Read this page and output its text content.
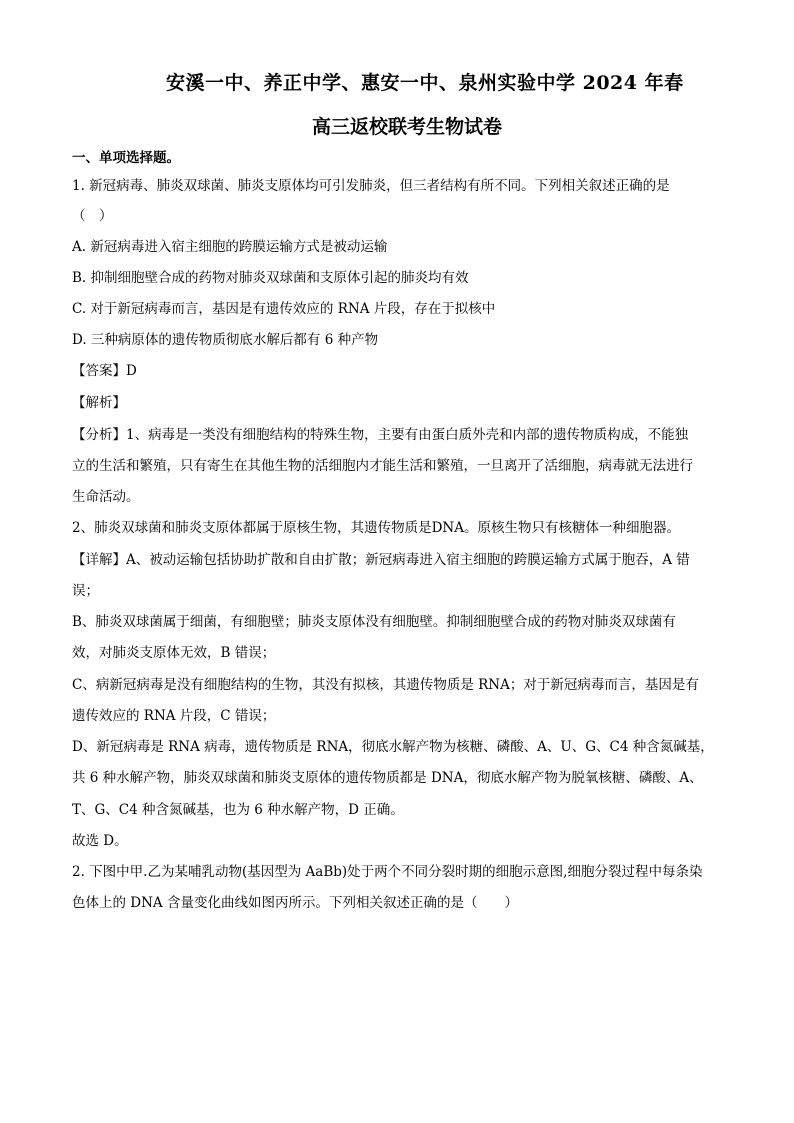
安溪一中、养正中学、惠安一中、泉州实验中学 2024 年春
高三返校联考生物试卷
一、单项选择题。
1. 新冠病毒、肺炎双球菌、肺炎支原体均可引发肺炎，但三者结构有所不同。下列相关叙述正确的是
（　）
A. 新冠病毒进入宿主细胞的跨膜运输方式是被动运输
B. 抑制细胞壁合成的药物对肺炎双球菌和支原体引起的肺炎均有效
C. 对于新冠病毒而言，基因是有遗传效应的 RNA 片段，存在于拟核中
D. 三种病原体的遗传物质彻底水解后都有 6 种产物
【答案】D
【解析】
【分析】1、病毒是一类没有细胞结构的特殊生物，主要有由蛋白质外壳和内部的遗传物质构成，不能独
立的生活和繁殖，只有寄生在其他生物的活细胞内才能生活和繁殖，一旦离开了活细胞，病毒就无法进行
生命活动。
2、肺炎双球菌和肺炎支原体都属于原核生物，其遗传物质是DNA。原核生物只有核糖体一种细胞器。
【详解】A、被动运输包括协助扩散和自由扩散；新冠病毒进入宿主细胞的跨膜运输方式属于胞吞，A 错
误；
B、肺炎双球菌属于细菌，有细胞壁；肺炎支原体没有细胞壁。抑制细胞壁合成的药物对肺炎双球菌有
效，对肺炎支原体无效，B 错误；
C、病新冠病毒是没有细胞结构的生物，其没有拟核，其遗传物质是 RNA；对于新冠病毒而言，基因是有
遗传效应的 RNA 片段，C 错误；
D、新冠病毒是 RNA 病毒，遗传物质是 RNA，彻底水解产物为核糖、磷酸、A、U、G、C4 种含氮碱基，
共 6 种水解产物，肺炎双球菌和肺炎支原体的遗传物质都是 DNA，彻底水解产物为脱氧核糖、磷酸、A、
T、G、C4 种含氮碱基，也为 6 种水解产物，D 正确。
故选 D。
2. 下图中甲.乙为某哺乳动物(基因型为 AaBb)处于两个不同分裂时期的细胞示意图,细胞分裂过程中每条染
色体上的 DNA 含量变化曲线如图丙所示。下列相关叙述正确的是（　　）
